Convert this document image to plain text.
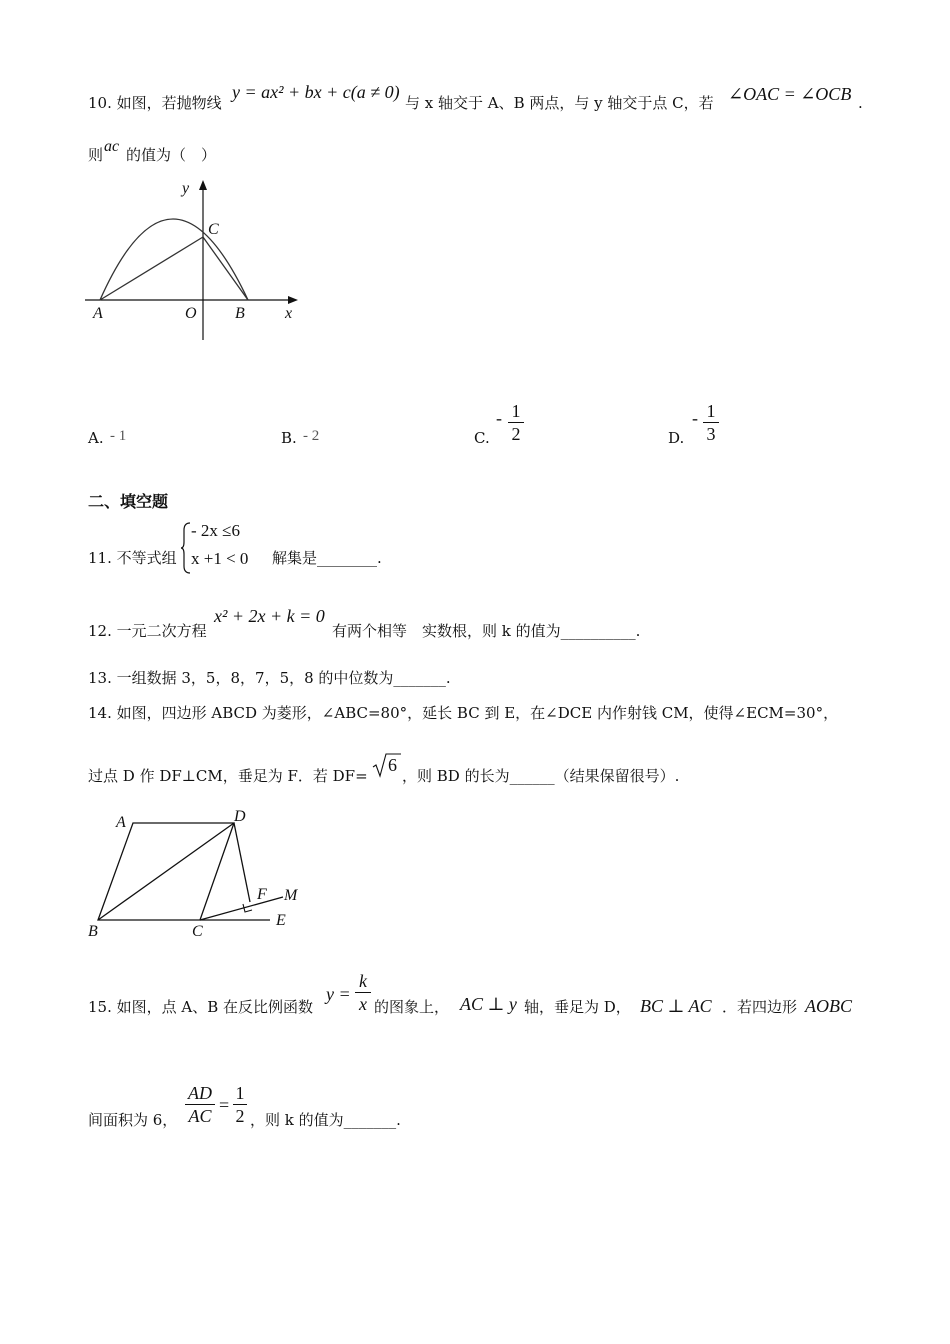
10. 如图，若抛物线
y = ax² + bx + c(a ≠ 0)
与 x 轴交于 A、B 两点，与 y 轴交于点 C，若 ∠OAC = ∠OCB .
则 ac 的值为（　）
y
C
A	O B	x
A. - 1	B. - 2	C.
- 1
2	D.
- 1
3
二、填空题
11. 不等式组
- 2x ≤6
x +1 < 0 解集是________.
12. 一元二次方程
x² + 2x + k = 0
有两个相等　实数根，则 k 的值为__________.
13. 一组数据 3，5，8，7，5，8 的中位数为_______.
14. 如图，四边形 ABCD 为菱形，∠ABC=80°，延长 BC 到 E，在∠DCE 内作射钱 CM，使得∠ECM=30°，
过点 D 作 DF⊥CM，垂足为 F．若 DF=
6
，则 BD 的长为______（结果保留很号）.
A	D
F M
B	C
E
15. 如图，点 A、B 在反比例函数
y =
k
x 的图象上， AC ⊥ y 轴，垂足为 D， BC ⊥ AC ．若四边形 AOBC
间面积为 6，
AD
AC
=
1
2 ，则 k 的值为_______.
